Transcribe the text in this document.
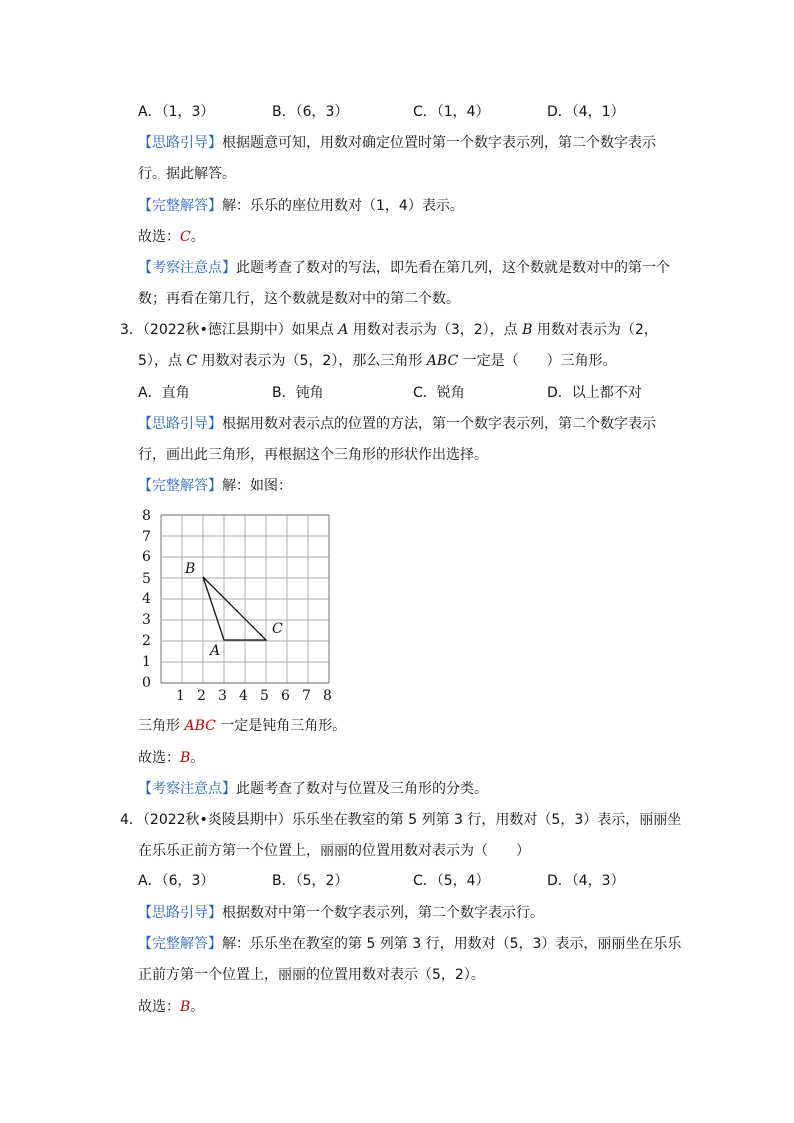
A．（1，3）	B．（6，3）	C．（1，4）	D．（4，1）
【思路引导】根据题意可知，用数对确定位置时第一个数字表示列，第二个数字表示
行。据此解答。
【完整解答】解：乐乐的座位用数对（1，4）表示。
故选：C。
【考察注意点】此题考查了数对的写法，即先看在第几列，这个数就是数对中的第一个
数；再看在第几行，这个数就是数对中的第二个数。
3．（2022秋•德江县期中）如果点 A 用数对表示为（3，2），点 B 用数对表示为（2，
5），点 C 用数对表示为（5，2），那么三角形 ABC 一定是（　　）三角形。
A．直角	B．钝角	C．锐角	D．以上都不对
【思路引导】根据用数对表示点的位置的方法，第一个数字表示列，第二个数字表示
行，画出此三角形，再根据这个三角形的形状作出选择。
【完整解答】解：如图：
8
7
6
5
4
3
2
1
0
1 2 3 4 5 6 7 8
B
A
C
三角形 ABC 一定是钝角三角形。
故选：B。
【考察注意点】此题考查了数对与位置及三角形的分类。
4．（2022秋•炎陵县期中）乐乐坐在教室的第 5 列第 3 行，用数对（5，3）表示，丽丽坐
在乐乐正前方第一个位置上，丽丽的位置用数对表示为（　　）
A．（6，3）	B．（5，2）	C．（5，4）	D．（4，3）
【思路引导】根据数对中第一个数字表示列，第二个数字表示行。
【完整解答】解：乐乐坐在教室的第 5 列第 3 行，用数对（5，3）表示，丽丽坐在乐乐
正前方第一个位置上，丽丽的位置用数对表示（5，2）。
故选：B。
